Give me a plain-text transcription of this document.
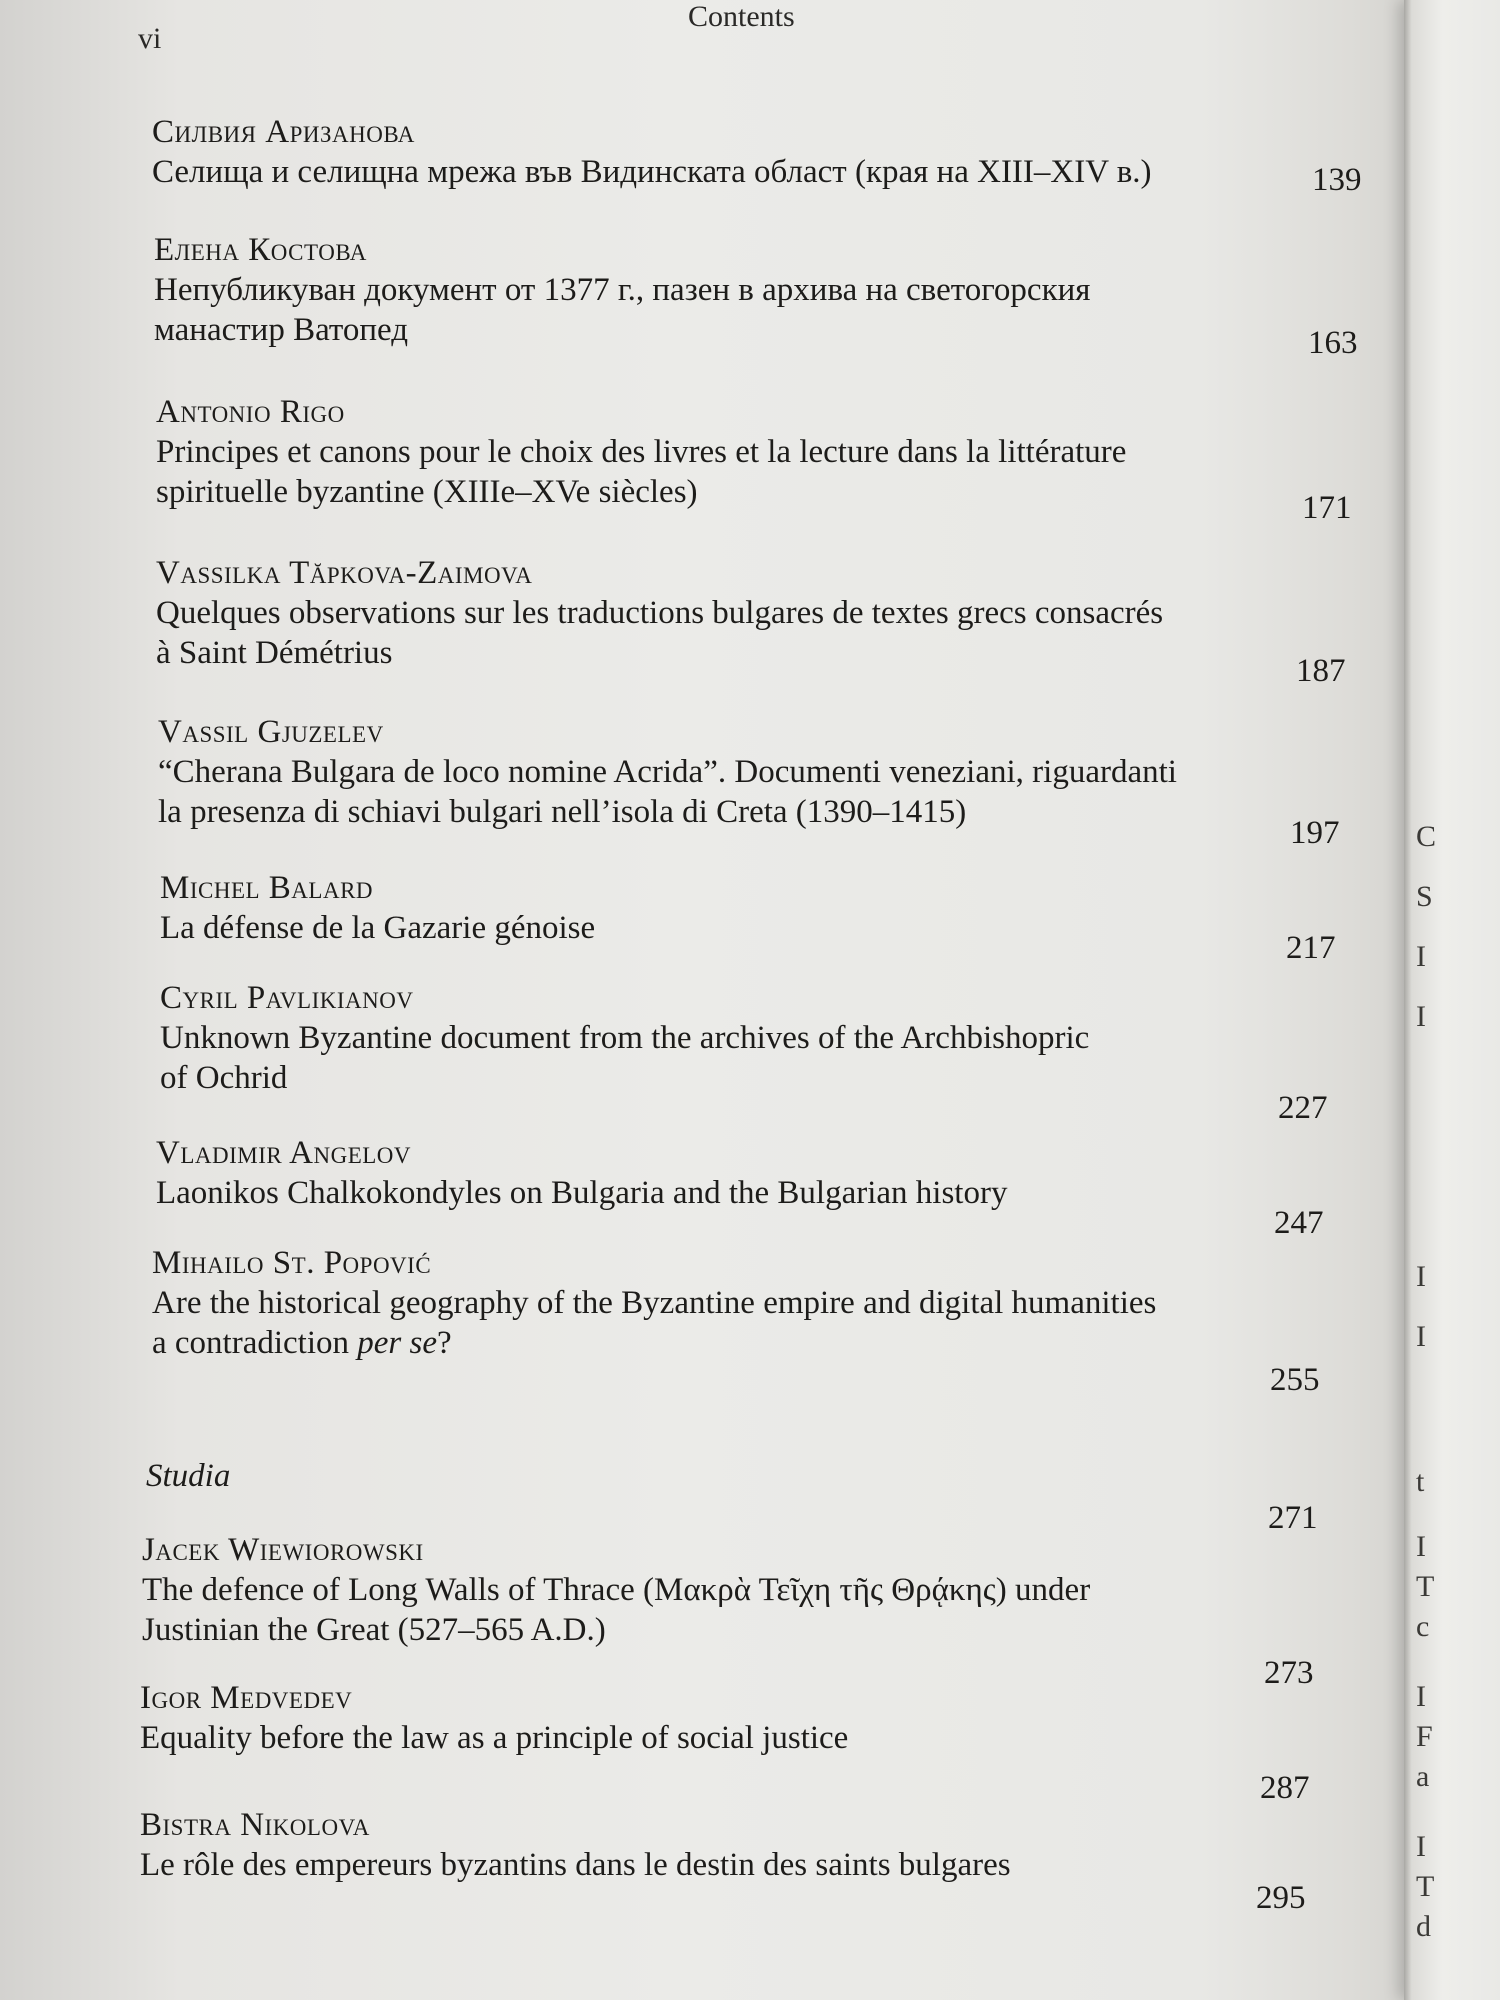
C
S
I
I
I
I
t
I
T
c
I
F
a
I
T
d
Contents
vi
Силвия Аризанова
Селища и селищна мрежа във Видинската област (края на XIII–XIV в.)	139
Елена Костова
Непубликуван документ от 1377 г., пазен в архива на светогорския
манастир Ватопед	163
Antonio Rigo
Principes et canons pour le choix des livres et la lecture dans la littérature
spirituelle byzantine (XIIIe–XVe siècles)	171
Vassilka Tăpkova-Zaimova
Quelques observations sur les traductions bulgares de textes grecs consacrés
à Saint Démétrius	187
Vassil Gjuzelev
“Cherana Bulgara de loco nomine Acrida”. Documenti veneziani, riguardanti
la presenza di schiavi bulgari nell’isola di Creta (1390–1415)
197
Michel Balard
La défense de la Gazarie génoise
217
Cyril Pavlikianov
Unknown Byzantine document from the archives of the Archbishopric
of Ochrid
227
Vladimir Angelov
Laonikos Chalkokondyles on Bulgaria and the Bulgarian history
247
Mihailo St. Popović
Are the historical geography of the Byzantine empire and digital humanities
a contradiction per se?
255
Studia
271
Jacek Wiewiorowski
The defence of Long Walls of Thrace (Μακρὰ Τεῖχη τῆς Θρᾴκης) under
Justinian the Great (527–565 A.D.)
273
Igor Medvedev
Equality before the law as a principle of social justice
287
Bistra Nikolova
Le rôle des empereurs byzantins dans le destin des saints bulgares
295
